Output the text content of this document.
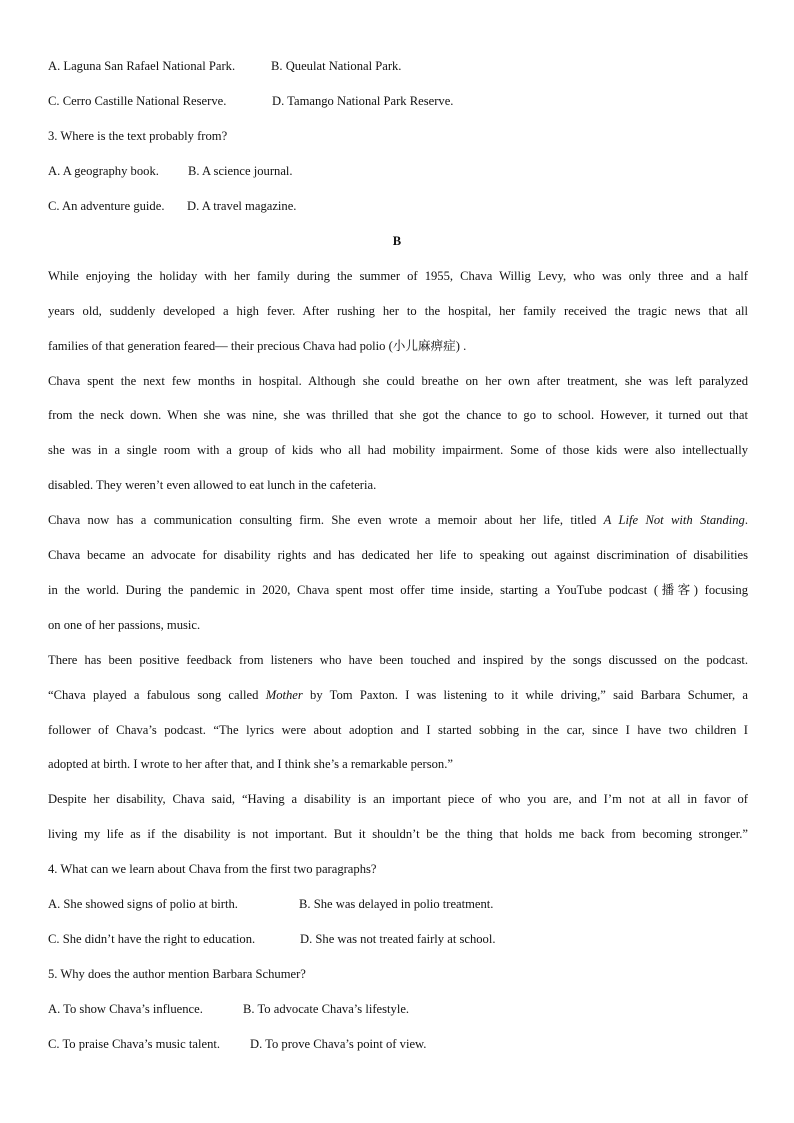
A. Laguna San Rafael National Park.	B. Queulat National Park.
C. Cerro Castille National Reserve.	D. Tamango National Park Reserve.
3. Where is the text probably from?
A. A geography book. B. A science journal.
C. An adventure guide. D. A travel magazine.
B
While enjoying the holiday with her family during the summer of 1955, Chava Willig Levy, who was only three and a half
years old, suddenly developed a high fever. After rushing her to the hospital, her family received the tragic news that all
families of that generation feared— their precious Chava had polio (小儿麻痹症) .
Chava spent the next few months in hospital. Although she could breathe on her own after treatment, she was left paralyzed
from the neck down. When she was nine, she was thrilled that she got the chance to go to school. However, it turned out that
she was in a single room with a group of kids who all had mobility impairment. Some of those kids were also intellectually
disabled. They weren’t even allowed to eat lunch in the cafeteria.
Chava now has a communication consulting firm. She even wrote a memoir about her life, titled A Life Not with Standing.
Chava became an advocate for disability rights and has dedicated her life to speaking out against discrimination of disabilities
in the world. During the pandemic in 2020, Chava spent most offer time inside, starting a YouTube podcast (播客) focusing
on one of her passions, music.
There has been positive feedback from listeners who have been touched and inspired by the songs discussed on the podcast.
“Chava played a fabulous song called Mother by Tom Paxton. I was listening to it while driving,” said Barbara Schumer, a
follower of Chava’s podcast. “The lyrics were about adoption and I started sobbing in the car, since I have two children I
adopted at birth. I wrote to her after that, and I think she’s a remarkable person.”
Despite her disability, Chava said, “Having a disability is an important piece of who you are, and I’m not at all in favor of
living my life as if the disability is not important. But it shouldn’t be the thing that holds me back from becoming stronger.”
4. What can we learn about Chava from the first two paragraphs?
A. She showed signs of polio at birth.	B. She was delayed in polio treatment.
C. She didn’t have the right to education.	D. She was not treated fairly at school.
5. Why does the author mention Barbara Schumer?
A. To show Chava’s influence.	B. To advocate Chava’s lifestyle.
C. To praise Chava’s music talent. D. To prove Chava’s point of view.
